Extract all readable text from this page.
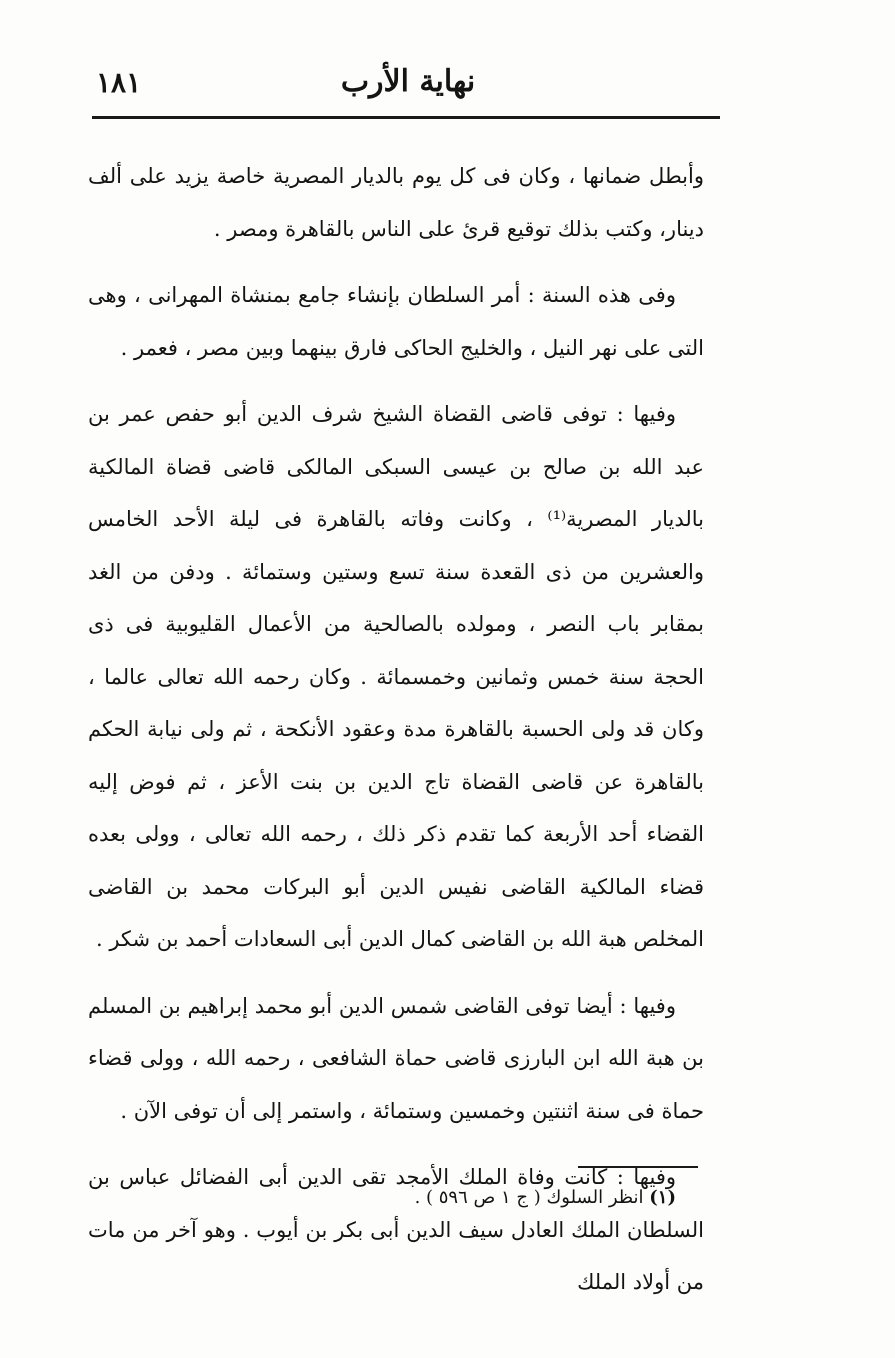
نهاية الأرب
١٨١

وأبطل ضمانها ، وكان فى كل يوم بالديار المصرية خاصة يزيد على ألف دينار، وكتب بذلك توقيع قرئ على الناس بالقاهرة ومصر .

وفى هذه السنة : أمر السلطان بإنشاء جامع بمنشاة المهرانى ، وهى التى على نهر النيل ، والخليج الحاكى فارق بينهما وبين مصر ، فعمر .

وفيها : توفى قاضى القضاة الشيخ شرف الدين أبو حفص عمر بن عبد الله بن صالح بن عيسى السبكى المالكى قاضى قضاة المالكية بالديار المصرية⁽¹⁾ ، وكانت وفاته بالقاهرة فى ليلة الأحد الخامس والعشرين من ذى القعدة سنة تسع وستين وستمائة . ودفن من الغد بمقابر باب النصر ، ومولده بالصالحية من الأعمال القليوبية فى ذى الحجة سنة خمس وثمانين وخمسمائة . وكان رحمه الله تعالى عالما ، وكان قد ولى الحسبة بالقاهرة مدة وعقود الأنكحة ، ثم ولى نيابة الحكم بالقاهرة عن قاضى القضاة تاج الدين بن بنت الأعز ، ثم فوض إليه القضاء أحد الأربعة كما تقدم ذكر ذلك ، رحمه الله تعالى ، وولى بعده قضاء المالكية القاضى نفيس الدين أبو البركات محمد بن القاضى المخلص هبة الله بن القاضى كمال الدين أبى السعادات أحمد بن شكر .

وفيها : أيضا توفى القاضى شمس الدين أبو محمد إبراهيم بن المسلم بن هبة الله ابن البارزى قاضى حماة الشافعى ، رحمه الله ، وولى قضاء حماة فى سنة اثنتين وخمسين وستمائة ، واستمر إلى أن توفى الآن .

وفيها : كانت وفاة الملك الأمجد تقى الدين أبى الفضائل عباس بن السلطان الملك العادل سيف الدين أبى بكر بن أيوب . وهو آخر من مات من أولاد الملك

(١) انظر السلوك ( ج ١ ص ٥٩٦ ) .
